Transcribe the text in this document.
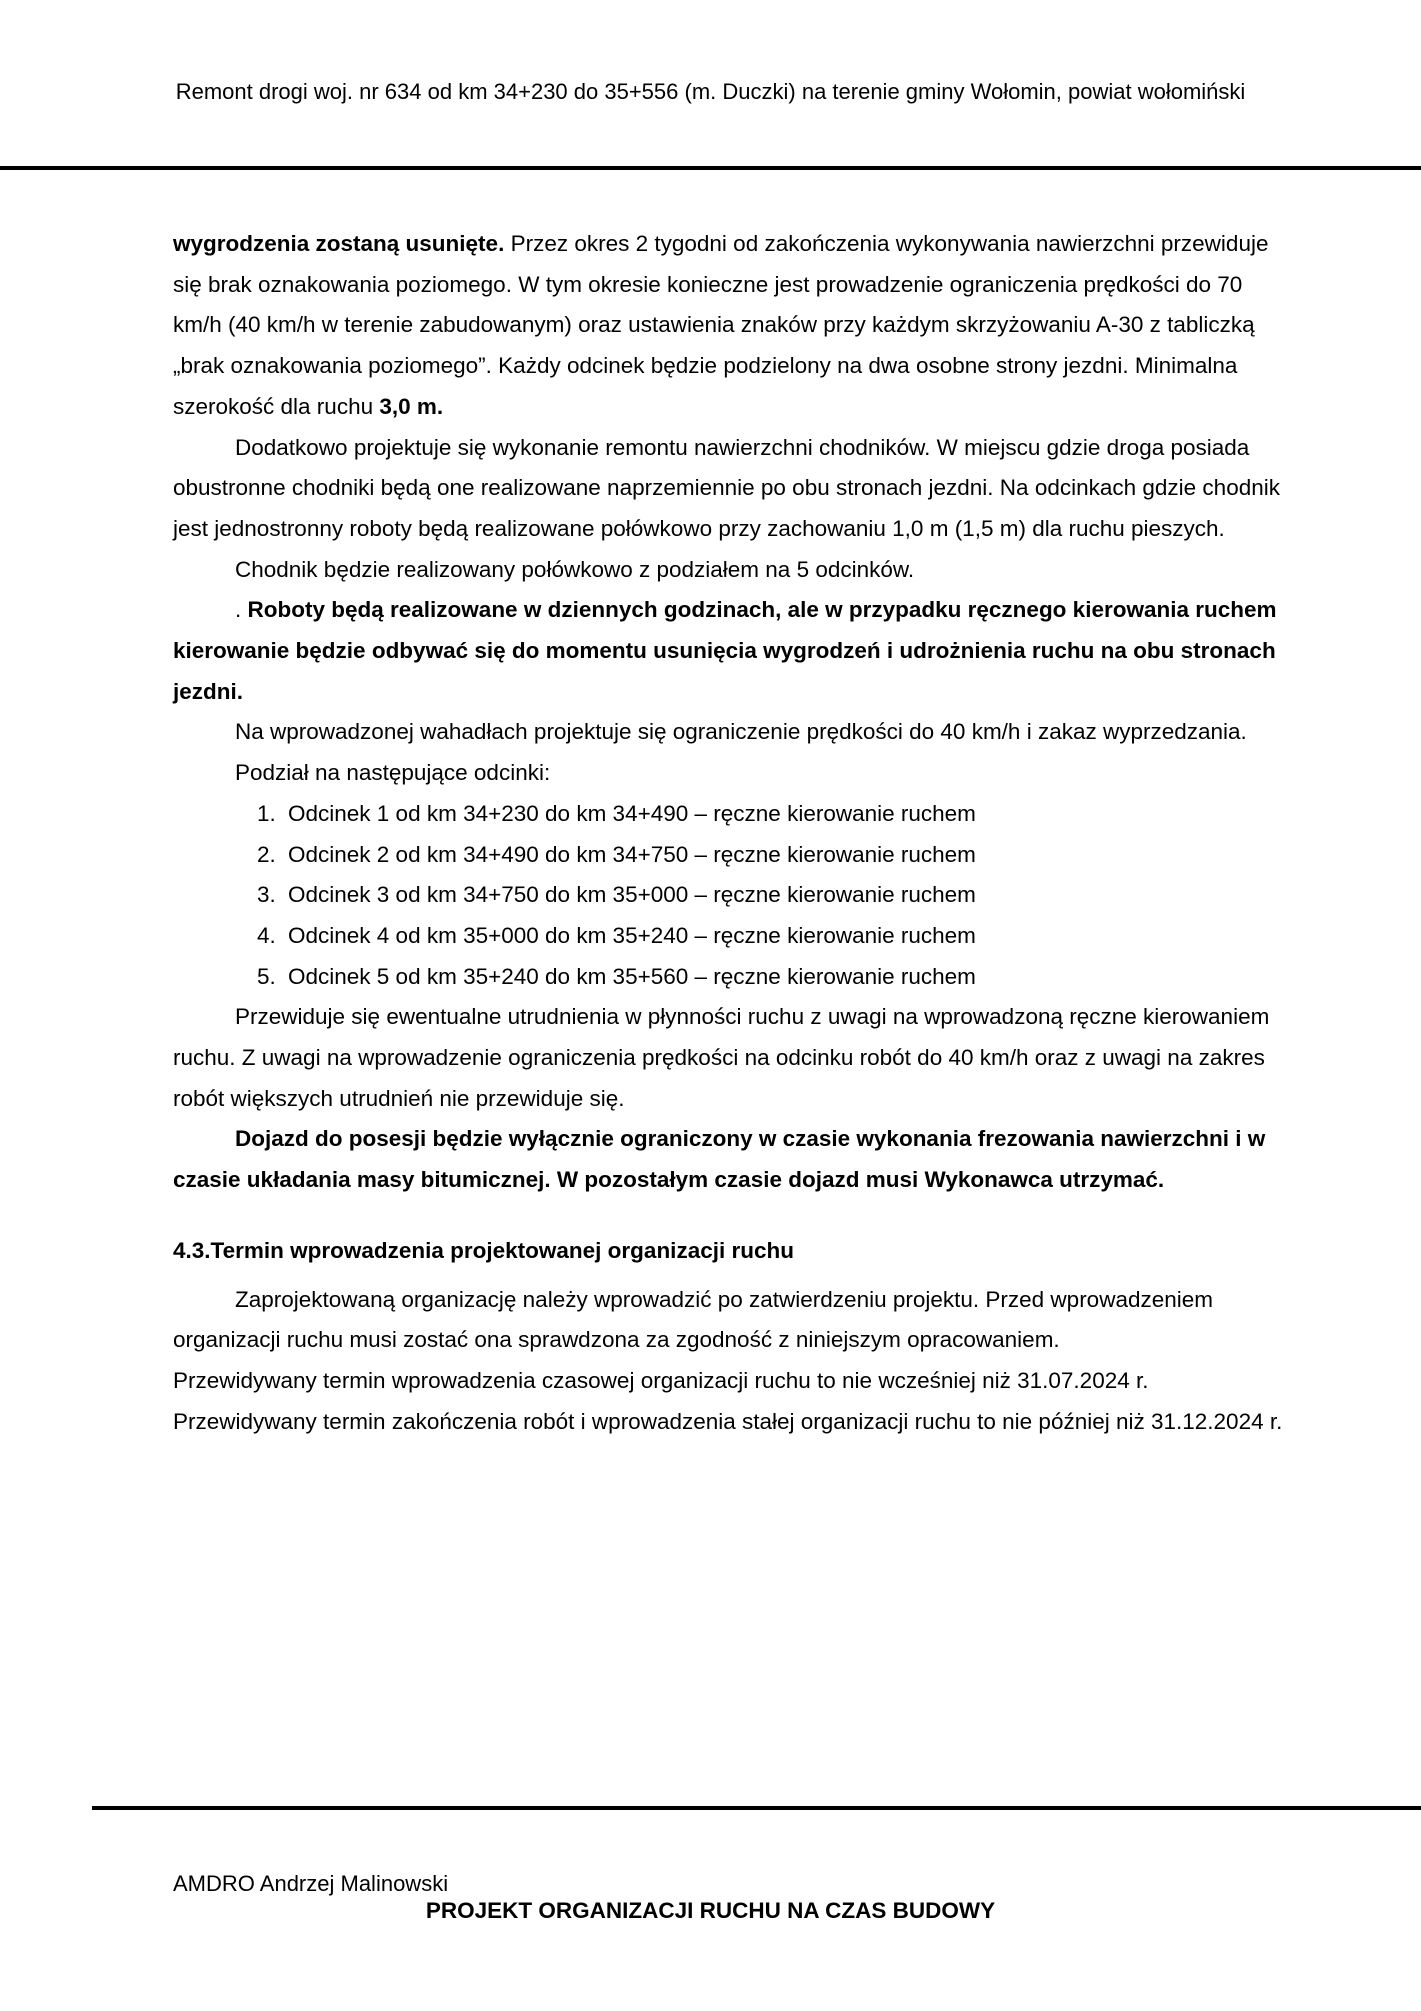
Remont drogi woj. nr 634 od km 34+230 do 35+556 (m. Duczki) na terenie gminy Wołomin, powiat wołomiński

wygrodzenia zostaną usunięte. Przez okres 2 tygodni od zakończenia wykonywania nawierzchni przewiduje się brak oznakowania poziomego. W tym okresie konieczne jest prowadzenie ograniczenia prędkości do 70 km/h (40 km/h w terenie zabudowanym) oraz ustawienia znaków przy każdym skrzyżowaniu A-30 z tabliczką „brak oznakowania poziomego”. Każdy odcinek będzie podzielony na dwa osobne strony jezdni. Minimalna szerokość dla ruchu 3,0 m.

Dodatkowo projektuje się wykonanie remontu nawierzchni chodników. W miejscu gdzie droga posiada obustronne chodniki będą one realizowane naprzemiennie po obu stronach jezdni. Na odcinkach gdzie chodnik jest jednostronny roboty będą realizowane połówkowo przy zachowaniu 1,0 m (1,5 m) dla ruchu pieszych.

Chodnik będzie realizowany połówkowo z podziałem na 5 odcinków.

. Roboty będą realizowane w dziennych godzinach, ale w przypadku ręcznego kierowania ruchem kierowanie będzie odbywać się do momentu usunięcia wygrodzeń i udrożnienia ruchu na obu stronach jezdni.

Na wprowadzonej wahadłach projektuje się ograniczenie prędkości do 40 km/h i zakaz wyprzedzania.

Podział na następujące odcinki:

1. Odcinek 1 od km 34+230 do km 34+490 – ręczne kierowanie ruchem
2. Odcinek 2 od km 34+490 do km 34+750 – ręczne kierowanie ruchem
3. Odcinek 3 od km 34+750 do km 35+000 – ręczne kierowanie ruchem
4. Odcinek 4 od km 35+000 do km 35+240 – ręczne kierowanie ruchem
5. Odcinek 5 od km 35+240 do km 35+560 – ręczne kierowanie ruchem

Przewiduje się ewentualne utrudnienia w płynności ruchu z uwagi na wprowadzoną ręczne kierowaniem ruchu. Z uwagi na wprowadzenie ograniczenia prędkości na odcinku robót do 40 km/h oraz z uwagi na zakres robót większych utrudnień nie przewiduje się.

Dojazd do posesji będzie wyłącznie ograniczony w czasie wykonania frezowania nawierzchni i w czasie układania masy bitumicznej. W pozostałym czasie dojazd musi Wykonawca utrzymać.

4.3.Termin wprowadzenia projektowanej organizacji ruchu

Zaprojektowaną organizację należy wprowadzić po zatwierdzeniu projektu. Przed wprowadzeniem organizacji ruchu musi zostać ona sprawdzona za zgodność z niniejszym opracowaniem.

Przewidywany termin wprowadzenia czasowej organizacji ruchu to nie wcześniej niż 31.07.2024 r.

Przewidywany termin zakończenia robót i wprowadzenia stałej organizacji ruchu to nie później niż 31.12.2024 r.

AMDRO Andrzej Malinowski
PROJEKT ORGANIZACJI RUCHU NA CZAS BUDOWY
